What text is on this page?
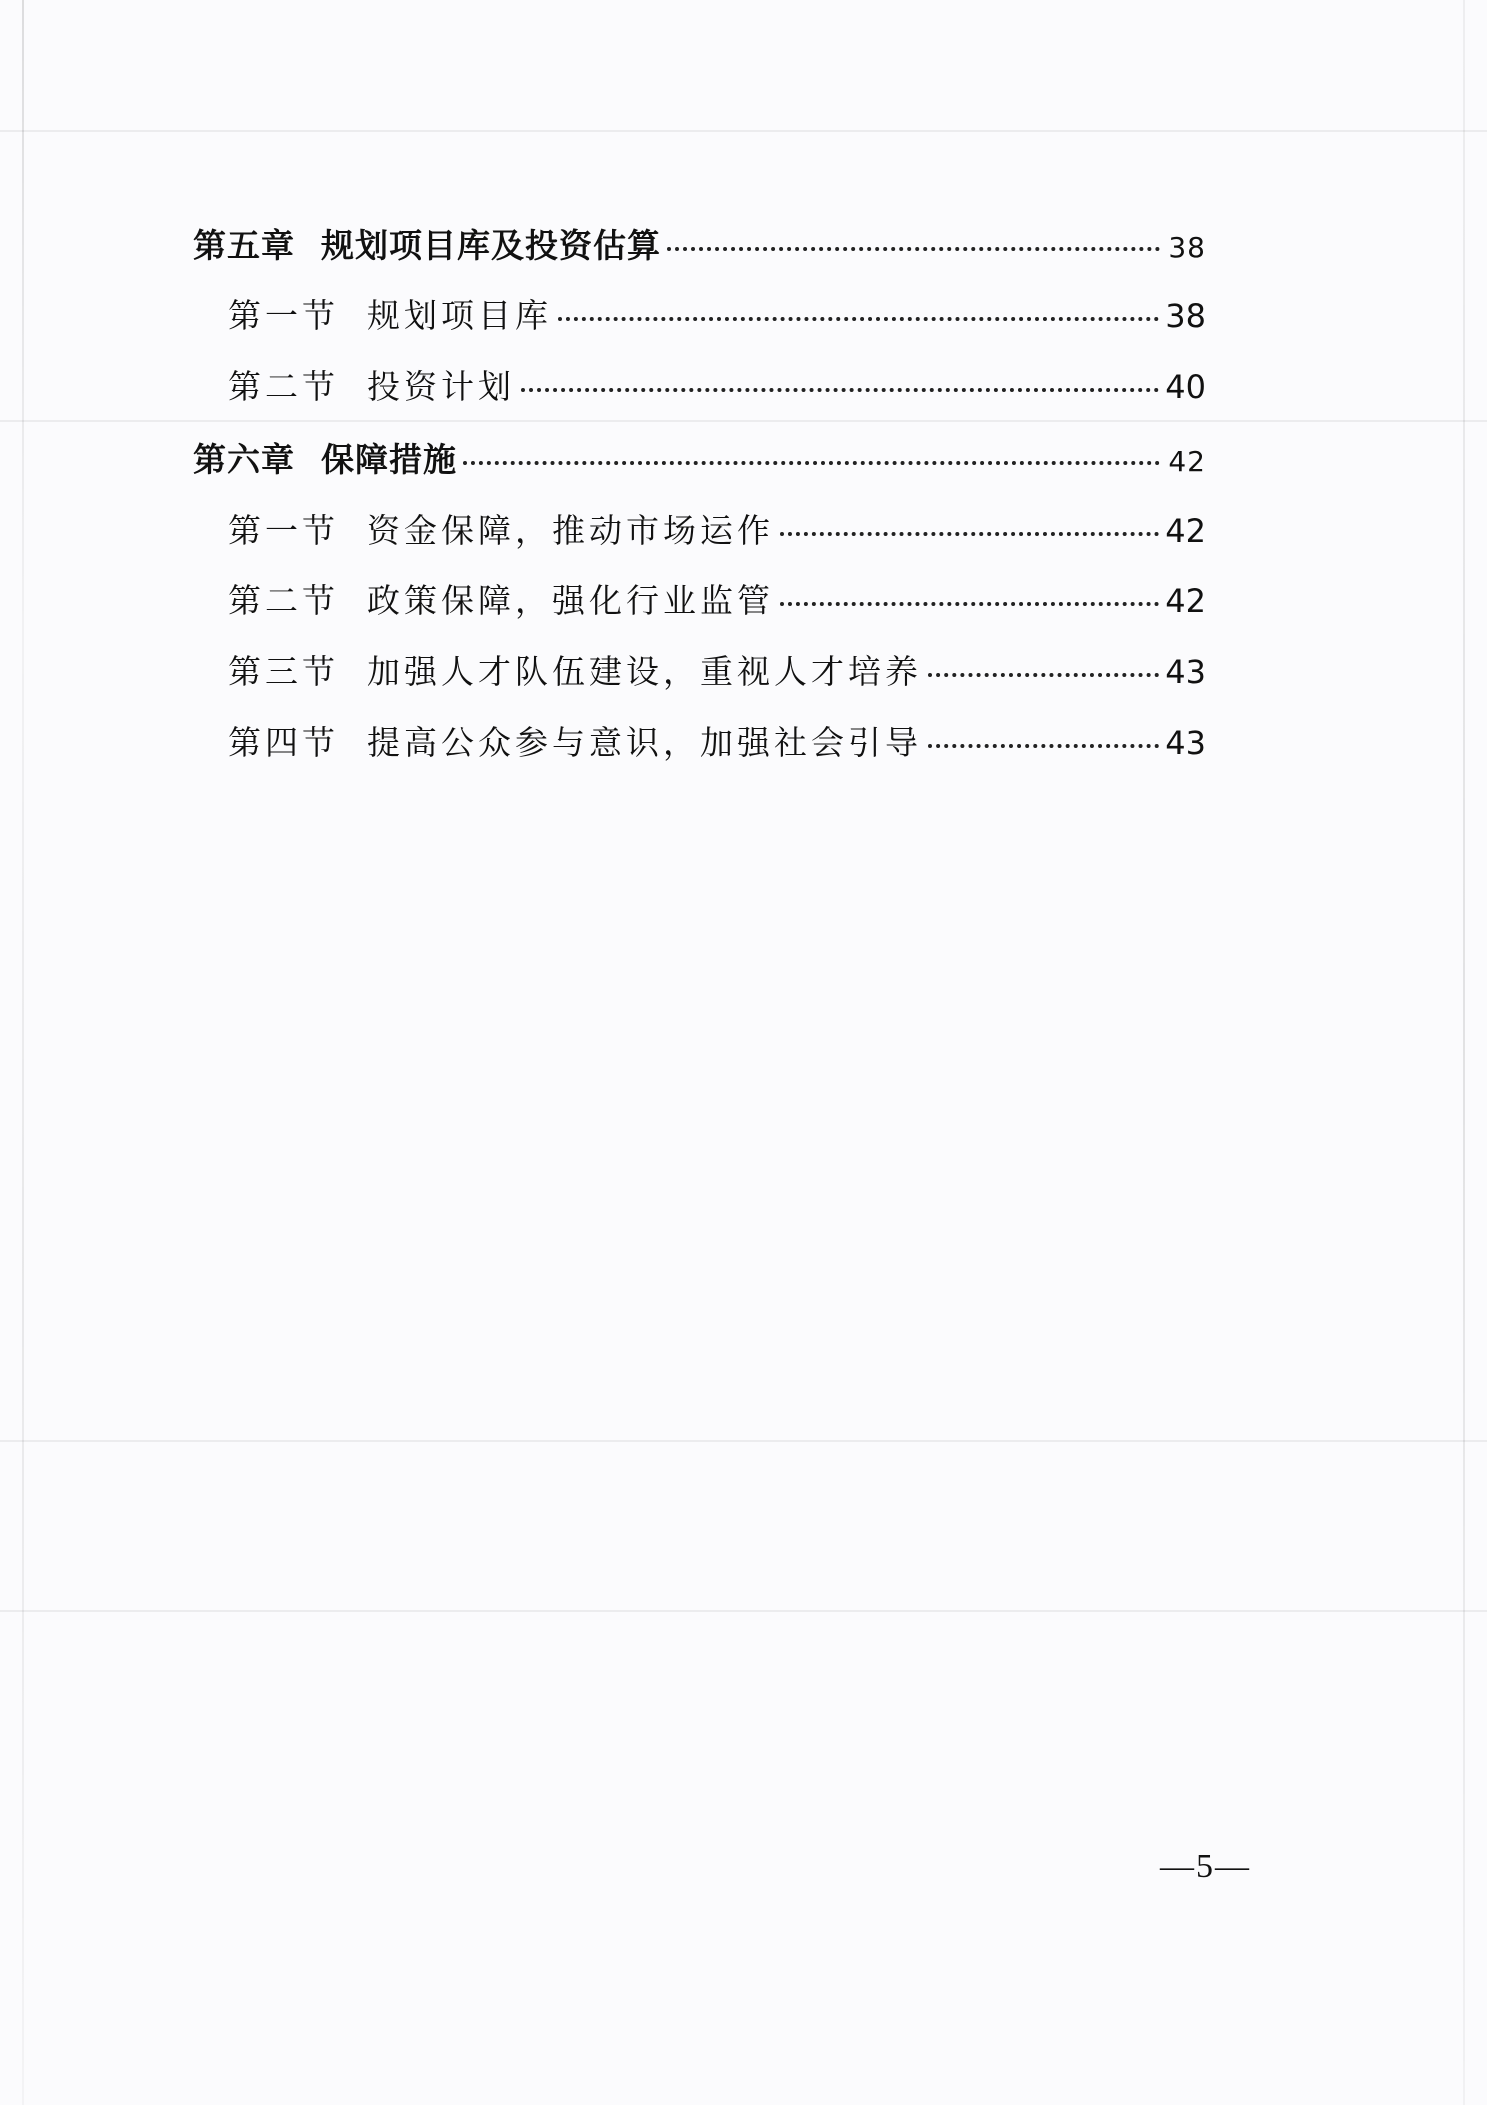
第五章 规划项目库及投资估算	38
第一节 规划项目库	38
第二节 投资计划	40
第六章 保障措施	42
第一节 资金保障，推动市场运作	42
第二节 政策保障，强化行业监管	42
第三节 加强人才队伍建设，重视人才培养	43
第四节 提高公众参与意识，加强社会引导	43
—5—
